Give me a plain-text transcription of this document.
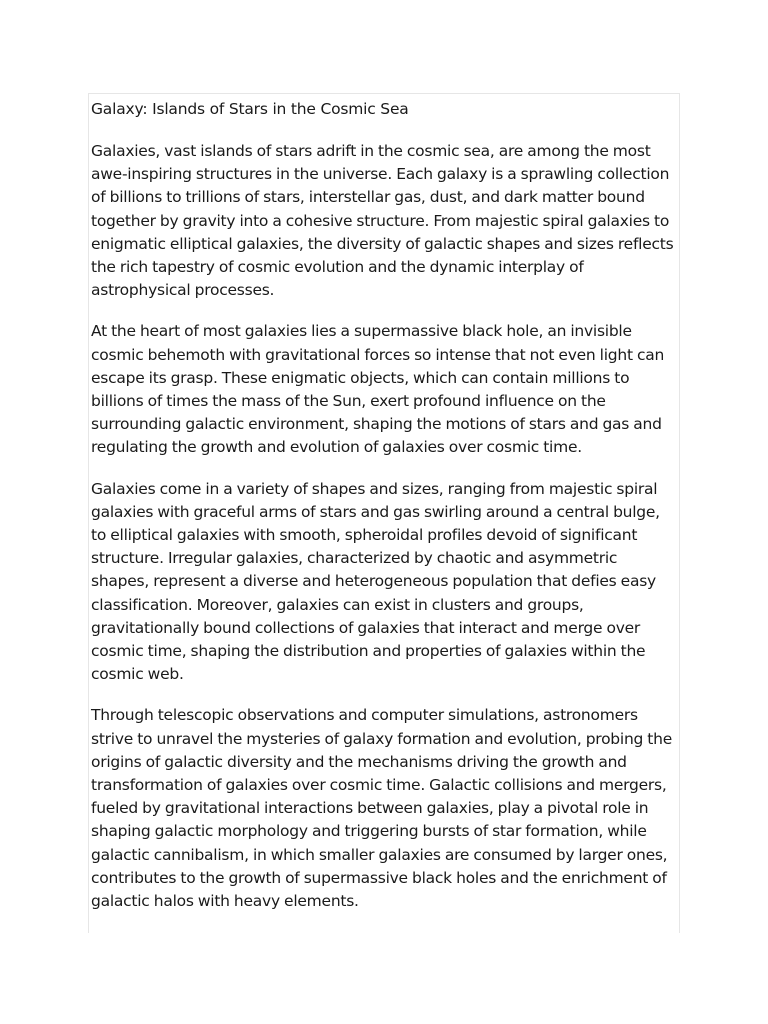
Galaxy: Islands of Stars in the Cosmic Sea

Galaxies, vast islands of stars adrift in the cosmic sea, are among the most awe-inspiring structures in the universe. Each galaxy is a sprawling collection of billions to trillions of stars, interstellar gas, dust, and dark matter bound together by gravity into a cohesive structure. From majestic spiral galaxies to enigmatic elliptical galaxies, the diversity of galactic shapes and sizes reflects the rich tapestry of cosmic evolution and the dynamic interplay of astrophysical processes.

At the heart of most galaxies lies a supermassive black hole, an invisible cosmic behemoth with gravitational forces so intense that not even light can escape its grasp. These enigmatic objects, which can contain millions to billions of times the mass of the Sun, exert profound influence on the surrounding galactic environment, shaping the motions of stars and gas and regulating the growth and evolution of galaxies over cosmic time.

Galaxies come in a variety of shapes and sizes, ranging from majestic spiral galaxies with graceful arms of stars and gas swirling around a central bulge, to elliptical galaxies with smooth, spheroidal profiles devoid of significant structure. Irregular galaxies, characterized by chaotic and asymmetric shapes, represent a diverse and heterogeneous population that defies easy classification. Moreover, galaxies can exist in clusters and groups, gravitationally bound collections of galaxies that interact and merge over cosmic time, shaping the distribution and properties of galaxies within the cosmic web.

Through telescopic observations and computer simulations, astronomers strive to unravel the mysteries of galaxy formation and evolution, probing the origins of galactic diversity and the mechanisms driving the growth and transformation of galaxies over cosmic time. Galactic collisions and mergers, fueled by gravitational interactions between galaxies, play a pivotal role in shaping galactic morphology and triggering bursts of star formation, while galactic cannibalism, in which smaller galaxies are consumed by larger ones, contributes to the growth of supermassive black holes and the enrichment of galactic halos with heavy elements.
